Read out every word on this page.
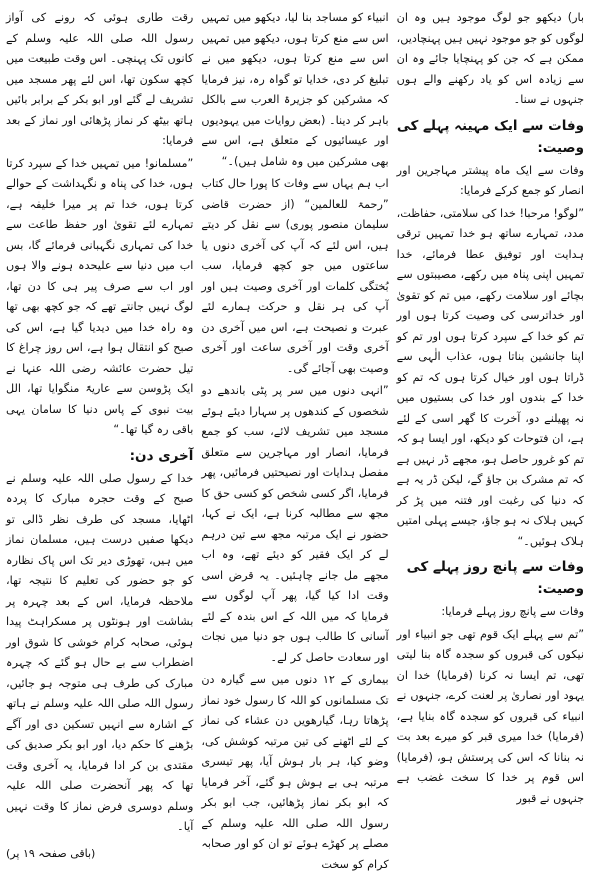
بار) دیکھو جو لوگ موجود ہیں وہ ان لوگوں کو جو موجود نہیں ہیں پہنچادیں، ممکن ہے کہ جن کو پہنچایا جائے وہ ان سے زیادہ اس کو یاد رکھنے والے ہوں جنہوں نے سنا۔

وفات سے ایک مہینہ پہلے کی وصیت:

وفات سے ایک ماہ پیشتر مہاجرین اور انصار کو جمع کرکے فرمایا:

”لوگو! مرحبا! خدا کی سلامتی، حفاظت، مدد، تمہارے ساتھ ہو خدا تمہیں ترقی ہدایت اور توفیق عطا فرمائے، خدا تمہیں اپنی پناہ میں رکھے، مصیبتوں سے بچائے اور سلامت رکھے، میں تم کو تقویٰ اور خداترسی کی وصیت کرتا ہوں اور تم کو خدا کے سپرد کرتا ہوں اور تم کو اپنا جانشین بناتا ہوں، عذاب الٰہی سے ڈراتا ہوں اور خیال کرتا ہوں کہ تم کو خدا کے بندوں اور خدا کی بستیوں میں نہ پھیلنے دو، آخرت کا گھر اسی کے لئے ہے، ان فتوحات کو دیکھ، اور ایسا ہو کہ تم کو غرور حاصل ہو، مجھے ڈر نہیں ہے کہ تم مشرک بن جاؤ گے، لیکن ڈر یہ ہے کہ دنیا کی رغبت اور فتنہ میں پڑ کر کہیں ہلاک نہ ہو جاؤ، جیسے پہلی امتیں ہلاک ہوئیں۔“

وفات سے پانچ روز پہلے کی وصیت:

وفات سے پانچ روز پہلے فرمایا:

”تم سے پہلے ایک قوم تھی جو انبیاء اور نیکوں کی قبروں کو سجدہ گاہ بنا لیتی تھی، تم ایسا نہ کرنا (فرمایا) خدا ان یہود اور نصاریٰ پر لعنت کرے، جنہوں نے انبیاء کی قبروں کو سجدہ گاہ بنایا ہے، (فرمایا) خدا میری قبر کو میرے بعد بت نہ بنانا کہ اس کی پرستش ہو، (فرمایا) اس قوم پر خدا کا سخت غضب ہے جنہوں نے قبور

انبیاء کو مساجد بنا لیا، دیکھو میں تمہیں اس سے منع کرتا ہوں، دیکھو میں تمہیں اس سے منع کرتا ہوں، دیکھو میں نے تبلیغ کر دی، خدایا تو گواہ رہ، نیز فرمایا کہ مشرکین کو جزیرۃ العرب سے بالکل باہر کر دینا۔ (بعض روایات میں یہودیوں اور عیسائیوں کے متعلق ہے، اس سے بھی مشرکین میں وہ شامل ہیں)۔“

اب ہم یہاں سے وفات کا پورا حال کتاب ”رحمۃ للعالمین“ (از حضرت قاضی سلیمان منصور پوری) سے نقل کر دیتے ہیں، اس لئے کہ آپ کی آخری دنوں یا ساعتوں میں جو کچھ فرمایا، سب بُختگی کلمات اور آخری وصیت ہیں اور آپ کی ہر نقل و حرکت ہمارے لئے عبرت و نصیحت ہے، اس میں آخری دن آخری وقت اور آخری ساعت اور آخری وصیت بھی آجائے گی۔

”انہی دنوں میں سر پر پٹی باندھے دو شخصوں کے کندھوں پر سہارا دیئے ہوئے مسجد میں تشریف لائے، سب کو جمع فرمایا، انصار اور مہاجرین سے متعلق مفصل ہدایات اور نصیحتیں فرمائیں، پھر فرمایا، اگر کسی شخص کو کسی حق کا مجھ سے مطالبہ کرنا ہے، ایک نے کہا، حضور نے ایک مرتبہ مجھ سے تین درہم لے کر ایک فقیر کو دیئے تھے، وہ اب مجھے مل جانے چاہئیں۔ یہ قرض اسی وقت ادا کیا گیا، پھر آپ لوگوں سے فرمایا کہ میں اللہ کے اس بندہ کے لئے آسانی کا طالب ہوں جو دنیا میں نجات اور سعادت حاصل کر لے۔

بیماری کے ۱۲ دنوں میں سے گیارہ دن تک مسلمانوں کو اللہ کا رسول خود نماز پڑھاتا رہا، گیارھویں دن عشاء کی نماز کے لئے اٹھنے کی تین مرتبہ کوشش کی، وضو کیا، ہر بار ہوش آیا، پھر تیسری مرتبہ ہی بے ہوش ہو گئے، آخر فرمایا کہ ابو بکر نماز پڑھائیں، جب ابو بکر رسول اللہ صلی اللہ علیہ وسلم کے مصلے پر کھڑے ہوئے تو ان کو اور صحابہ کرام کو سخت

رقت طاری ہوئی کہ رونے کی آواز رسول اللہ صلی اللہ علیہ وسلم کے کانوں تک پہنچی۔ اس وقت طبیعت میں کچھ سکون تھا، اس لئے پھر مسجد میں تشریف لے گئے اور ابو بکر کے برابر بائیں ہاتھ بیٹھ کر نماز پڑھائی اور نماز کے بعد فرمایا:

”مسلمانو! میں تمہیں خدا کے سپرد کرتا ہوں، خدا کی پناہ و نگہداشت کے حوالے کرتا ہوں، خدا تم پر میرا خلیفہ ہے، تمہارے لئے تقویٰ اور حفظ طاعت سے خدا کی تمہاری نگہبانی فرمائے گا، بس اب میں دنیا سے علیحدہ ہونے والا ہوں اور اب سے صرف پیر ہی کا دن تھا، لوگ نہیں جانتے تھے کہ جو کچھ بھی تھا وہ راہ خدا میں دیدیا گیا ہے، اس کی صبح کو انتقال ہوا ہے، اس روز چراغ کا تیل حضرت عائشہ رضی اللہ عنہا نے ایک پڑوسن سے عاریۃً منگوایا تھا، الل بیت نبوی کے پاس دنیا کا سامان یہی باقی رہ گیا تھا۔“

آخری دن:

خدا کے رسول صلی اللہ علیہ وسلم نے صبح کے وقت حجرہ مبارک کا پردہ اٹھایا، مسجد کی طرف نظر ڈالی تو دیکھا صفیں درست ہیں، مسلمان نماز میں ہیں، تھوڑی دیر تک اس پاک نظارہ کو جو حضور کی تعلیم کا نتیجہ تھا، ملاحظہ فرمایا، اس کے بعد چہرہ پر بشاشت اور ہونٹوں پر مسکراہٹ پیدا ہوئی، صحابہ کرام خوشی کا شوق اور اضطراب سے بے حال ہو گئے کہ چہرہ مبارک کی طرف ہی متوجہ ہو جائیں، رسول اللہ صلی اللہ علیہ وسلم نے ہاتھ کے اشارہ سے انہیں تسکین دی اور آگے بڑھنے کا حکم دیا، اور ابو بکر صدیق کی مقتدی بن کر ادا فرمایا، یہ آخری وقت تھا کہ پھر آنحضرت صلی اللہ علیہ وسلم دوسری فرض نماز کا وقت نہیں آیا۔

(باقی صفحہ ۱۹ پر)
